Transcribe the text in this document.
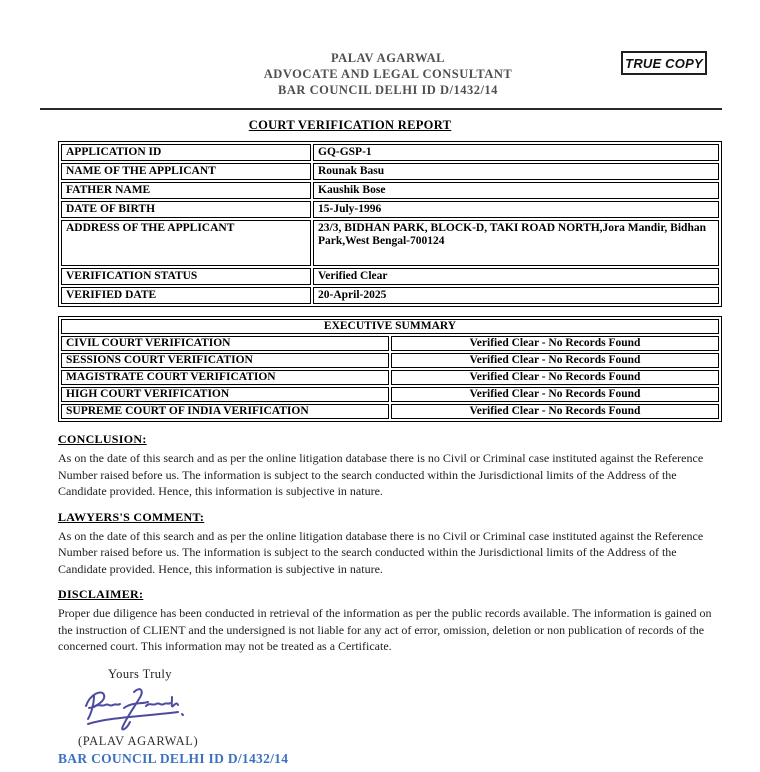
TRUE COPY
PALAV AGARWAL
ADVOCATE AND LEGAL CONSULTANT
BAR COUNCIL DELHI ID D/1432/14
COURT VERIFICATION REPORT
APPLICATION ID	GQ-GSP-1
NAME OF THE APPLICANT	Rounak Basu
FATHER NAME	Kaushik Bose
DATE OF BIRTH	15-July-1996
ADDRESS OF THE APPLICANT	23/3, BIDHAN PARK, BLOCK-D, TAKI ROAD NORTH,Jora Mandir, Bidhan Park,West Bengal-700124
VERIFICATION STATUS	Verified Clear
VERIFIED DATE	20-April-2025
EXECUTIVE SUMMARY	
CIVIL COURT VERIFICATION	Verified Clear - No Records Found
SESSIONS COURT VERIFICATION	Verified Clear - No Records Found
MAGISTRATE COURT VERIFICATION	Verified Clear - No Records Found
HIGH COURT VERIFICATION	Verified Clear - No Records Found
SUPREME COURT OF INDIA VERIFICATION	Verified Clear - No Records Found
CONCLUSION:

As on the date of this search and as per the online litigation database there is no Civil or Criminal case instituted against the Reference Number raised before us. The information is subject to the search conducted within the Jurisdictional limits of the Address of the Candidate provided. Hence, this information is subjective in nature.

LAWYERS'S COMMENT:

As on the date of this search and as per the online litigation database there is no Civil or Criminal case instituted against the Reference Number raised before us. The information is subject to the search conducted within the Jurisdictional limits of the Address of the Candidate provided. Hence, this information is subjective in nature.

DISCLAIMER:

Proper due diligence has been conducted in retrieval of the information as per the public records available. The information is gained on the instruction of CLIENT and the undersigned is not liable for any act of error, omission, deletion or non publication of records of the concerned court. This information may not be treated as a Certificate.

Yours Truly
(PALAV AGARWAL)
BAR COUNCIL DELHI ID D/1432/14
